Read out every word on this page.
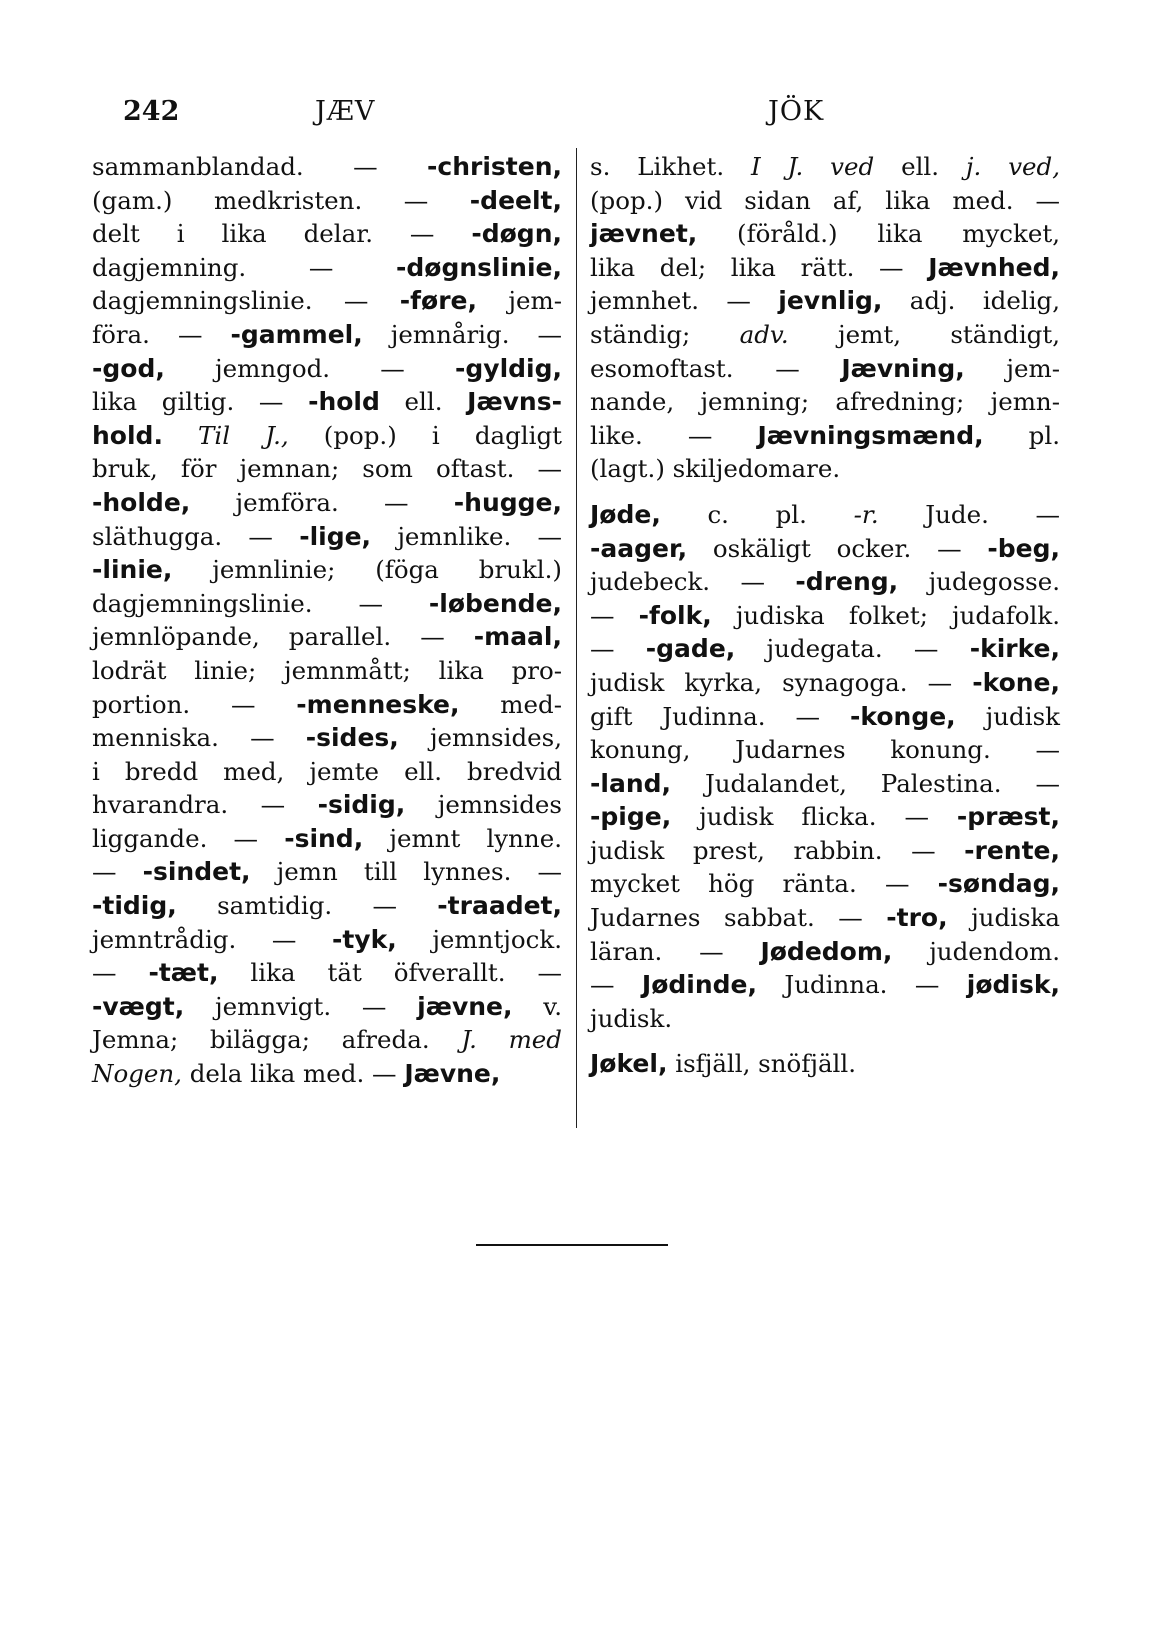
242	JÆV	JÖK
sammanblandad. — -christen,
(gam.) medkristen. — -deelt,
delt i lika delar. — -døgn,
dagjemning. — -døgnslinie,
dagjemningslinie. — -føre, jem-
föra. — -gammel, jemnårig. —
-god, jemngod. — -gyldig,
lika giltig. — -hold ell. Jævns-
hold. Til J., (pop.) i dagligt
bruk, för jemnan; som oftast. —
-holde, jemföra. — -hugge,
släthugga. — -lige, jemnlike. —
-linie, jemnlinie; (föga brukl.)
dagjemningslinie. — -løbende,
jemnlöpande, parallel. — -maal,
lodrät linie; jemnmått; lika pro-
portion. — -menneske, med-
menniska. — -sides, jemnsides,
i bredd med, jemte ell. bredvid
hvarandra. — -sidig, jemnsides
liggande. — -sind, jemnt lynne.
— -sindet, jemn till lynnes. —
-tidig, samtidig. — -traadet,
jemntrådig. — -tyk, jemntjock.
— -tæt, lika tät öfverallt. —
-vægt, jemnvigt. — jævne, v.
Jemna; bilägga; afreda. J. med
Nogen, dela lika med. — Jævne,
s. Likhet. I J. ved ell. j. ved,
(pop.) vid sidan af, lika med. —
jævnet, (föråld.) lika mycket,
lika del; lika rätt. — Jævnhed,
jemnhet. — jevnlig, adj. idelig,
ständig; adv. jemt, ständigt,
esomoftast. — Jævning, jem-
nande, jemning; afredning; jemn-
like. — Jævningsmænd, pl.
(lagt.) skiljedomare.
Jøde, c. pl. -r. Jude. —
-aager, oskäligt ocker. — -beg,
judebeck. — -dreng, judegosse.
— -folk, judiska folket; judafolk.
— -gade, judegata. — -kirke,
judisk kyrka, synagoga. — -kone,
gift Judinna. — -konge, judisk
konung, Judarnes konung. —
-land, Judalandet, Palestina. —
-pige, judisk flicka. — -præst,
judisk prest, rabbin. — -rente,
mycket hög ränta. — -søndag,
Judarnes sabbat. — -tro, judiska
läran. — Jødedom, judendom.
— Jødinde, Judinna. — jødisk,
judisk.
Jøkel, isfjäll, snöfjäll.
